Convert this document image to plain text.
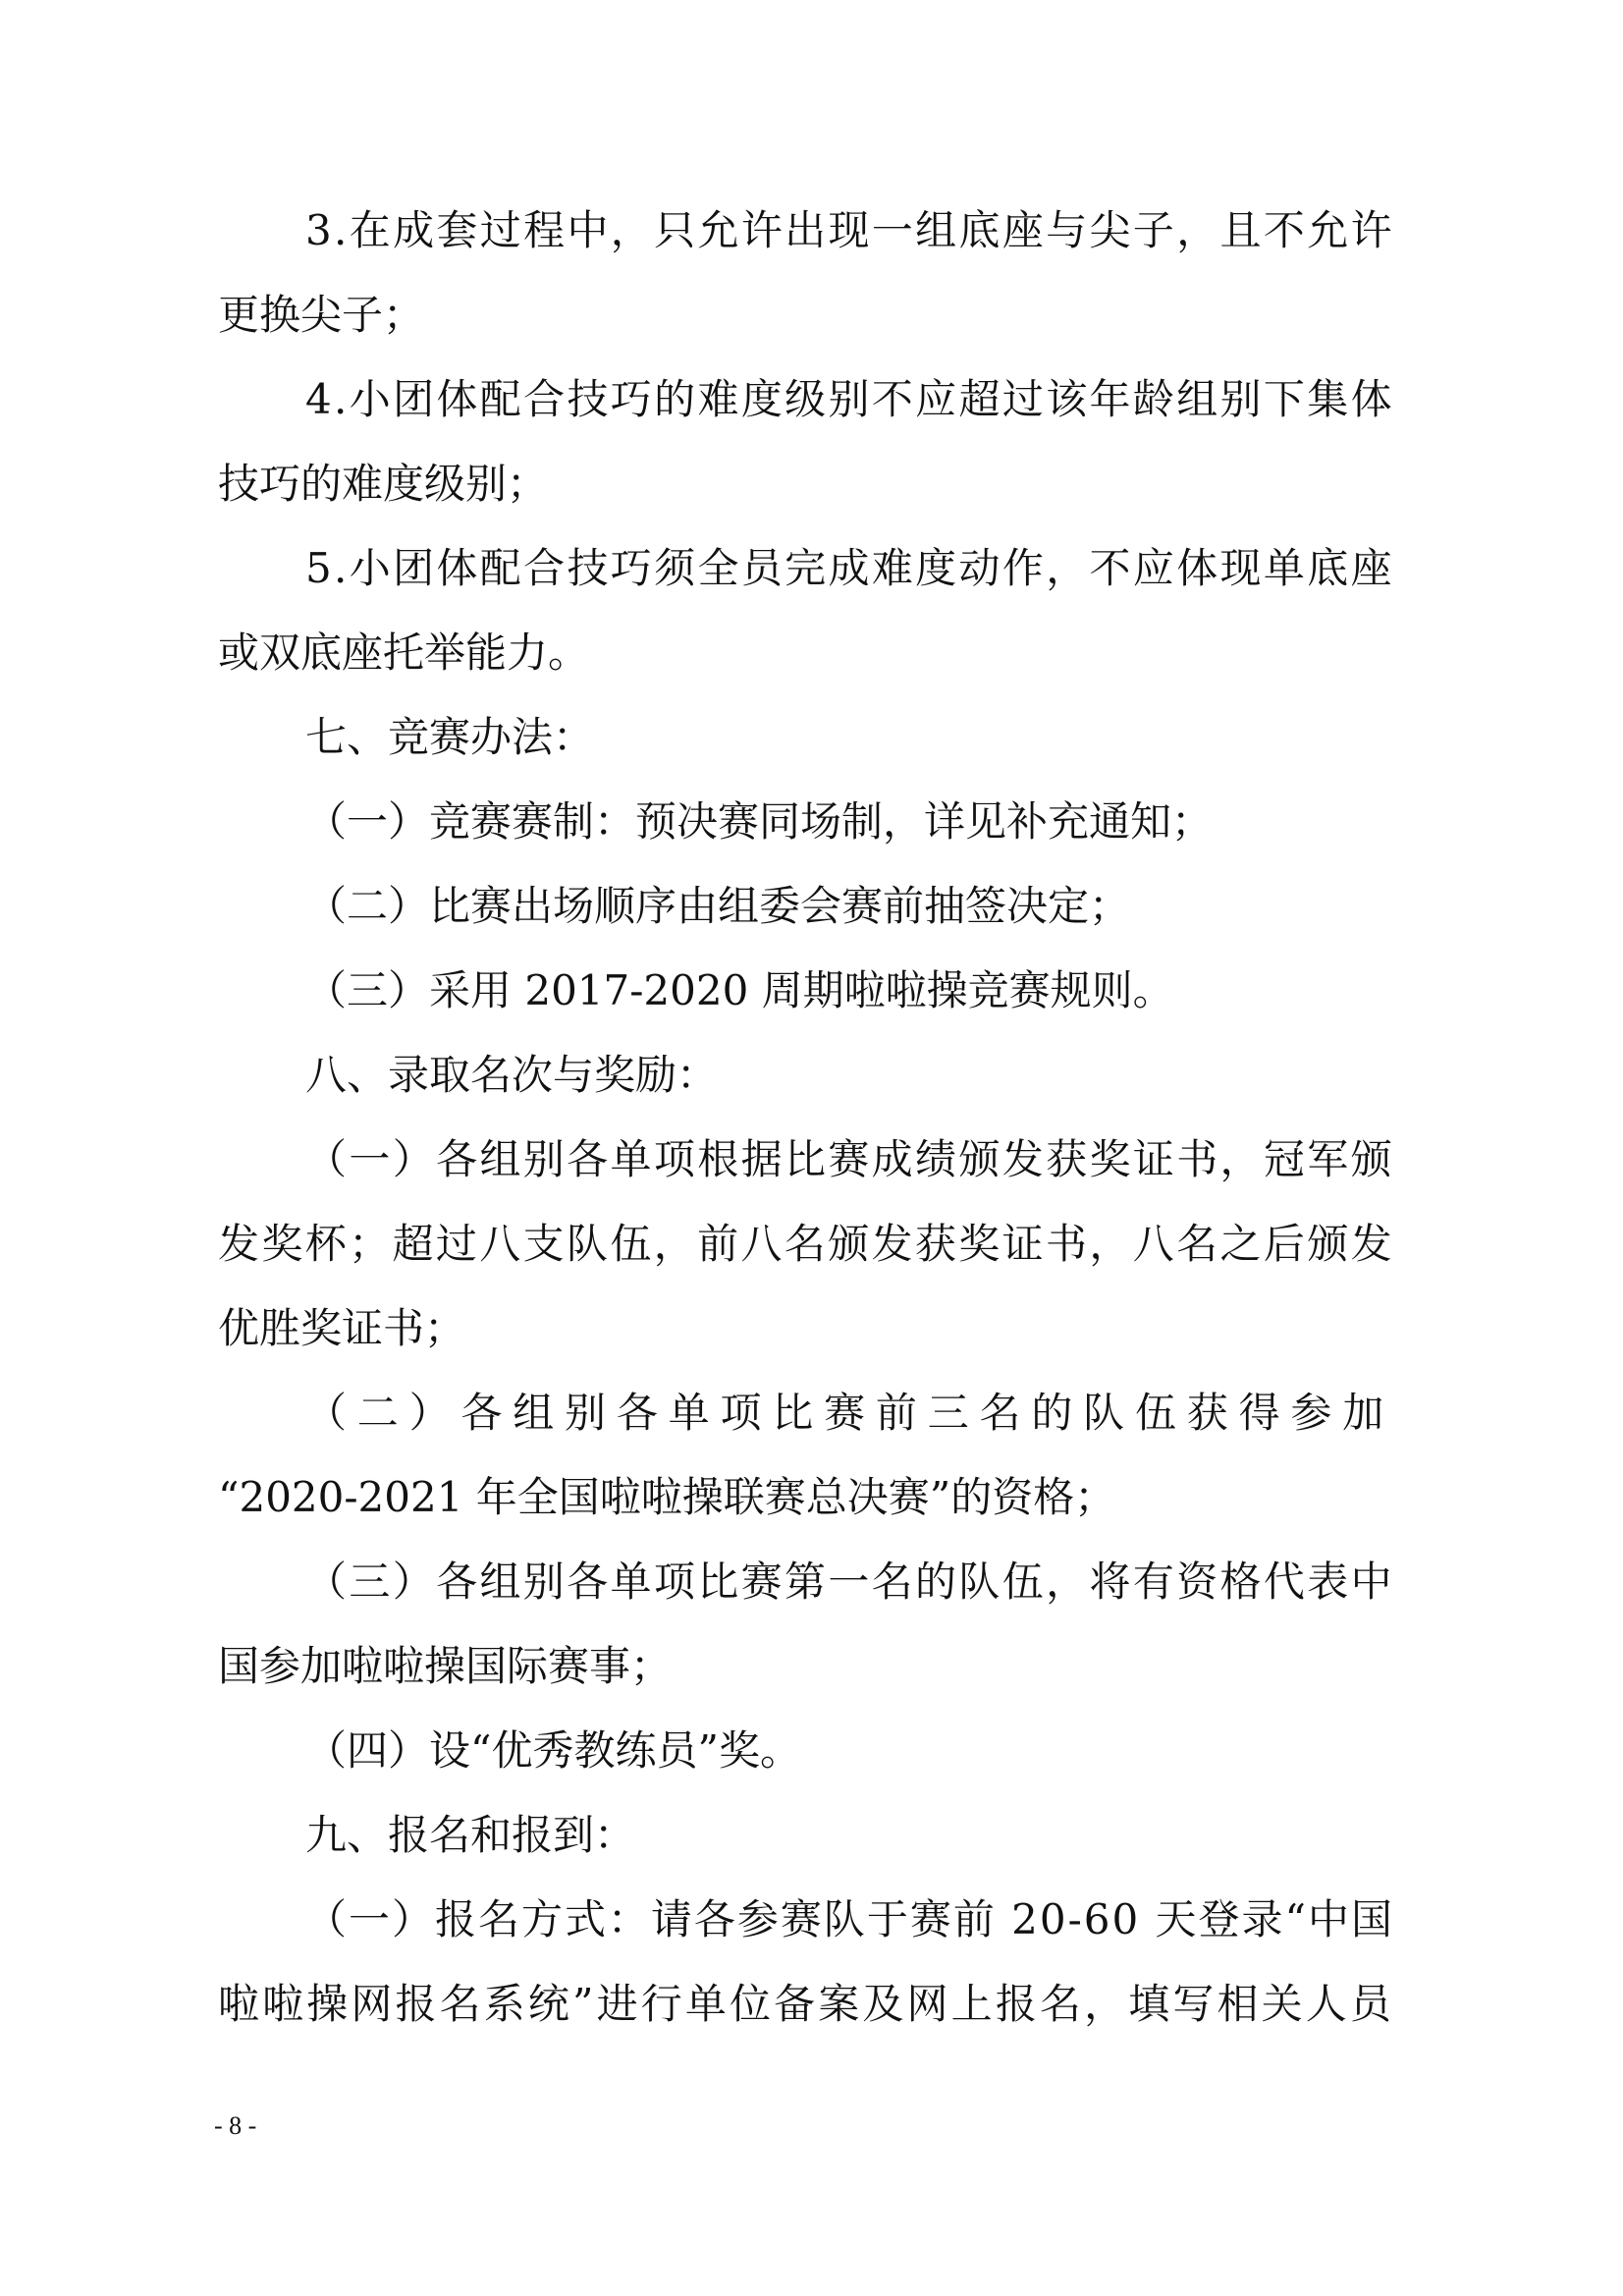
3.在成套过程中，只允许出现一组底座与尖子，且不允许
更换尖子；
4.小团体配合技巧的难度级别不应超过该年龄组别下集体
技巧的难度级别；
5.小团体配合技巧须全员完成难度动作，不应体现单底座
或双底座托举能力。
七、竞赛办法：
（一）竞赛赛制：预决赛同场制，详见补充通知；
（二）比赛出场顺序由组委会赛前抽签决定；
（三）采用 2017-2020 周期啦啦操竞赛规则。
八、录取名次与奖励：
（一）各组别各单项根据比赛成绩颁发获奖证书，冠军颁
发奖杯；超过八支队伍，前八名颁发获奖证书，八名之后颁发
优胜奖证书；
（二）各组别各单项比赛前三名的队伍获得参加
“2020-2021 年全国啦啦操联赛总决赛”的资格；
（三）各组别各单项比赛第一名的队伍，将有资格代表中
国参加啦啦操国际赛事；
（四）设“优秀教练员”奖。
九、报名和报到：
（一）报名方式：请各参赛队于赛前 20-60 天登录“中国
啦啦操网报名系统”进行单位备案及网上报名，填写相关人员
- 8 -
